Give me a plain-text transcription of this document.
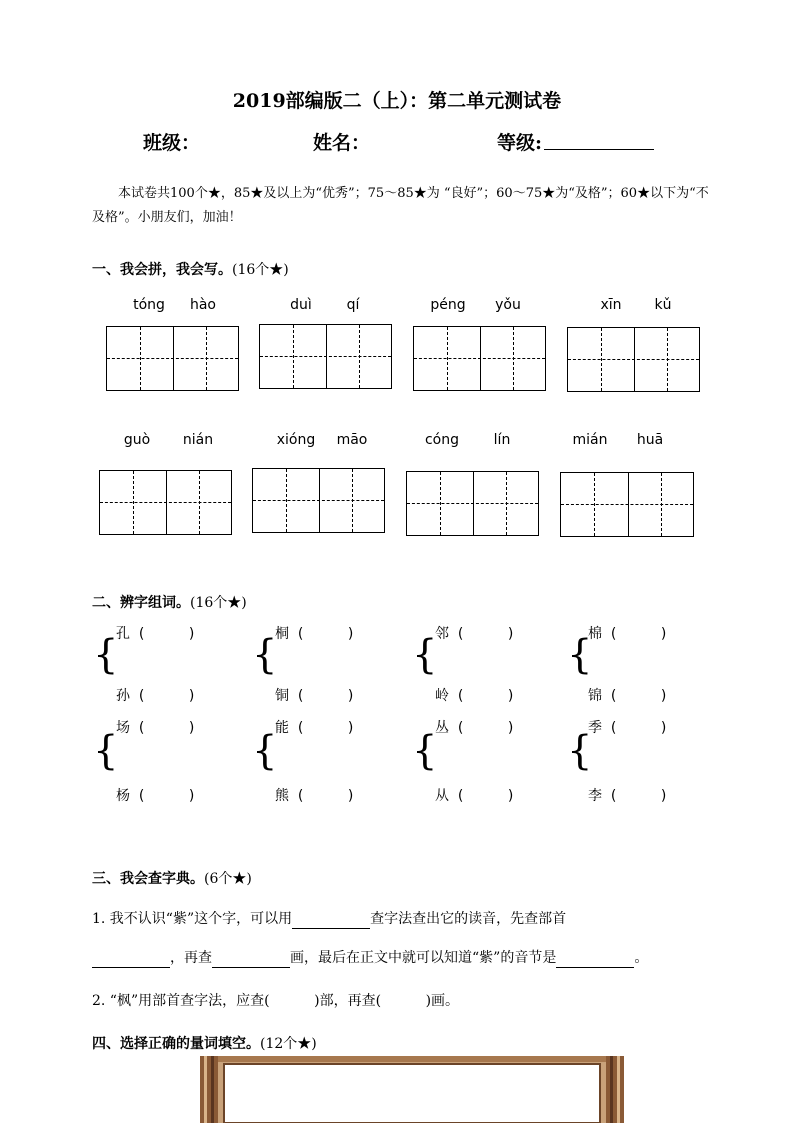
2019部编版二（上）：第二单元测试卷
班级：	姓名：	等级:
本试卷共100个★，85★及以上为“优秀”；75～85★为 “良好”；60～75★为“及格”；60★以下为“不及格”。小朋友们，加油！
一、我会拼，我会写。(16个★)
tóng	hào	duì	qí	péng	yǒu	xīn	kǔ
guò	nián	xióng	māo	cóng	lín	mián	huā
二、辨字组词。(16个★)
{
孔 (	)
孙 (	)
{
桐 (	)
铜 (	)
{
邻 (	)
岭 (	)
{
棉 (	)
锦 (	)
{
场 (	)
杨 (	)
{
能 (	)
熊 (	)
{
丛 (	)
从 (	)
{
季 (	)
李 (	)
三、我会查字典。(6个★)
1. 我不认识“紫”这个字，可以用	查字法查出它的读音，先查部首
，再查	画，最后在正文中就可以知道“紫”的音节是	。
2. “枫”用部首查字法，应查(	)部，再查(	)画。
四、选择正确的量词填空。(12个★)
